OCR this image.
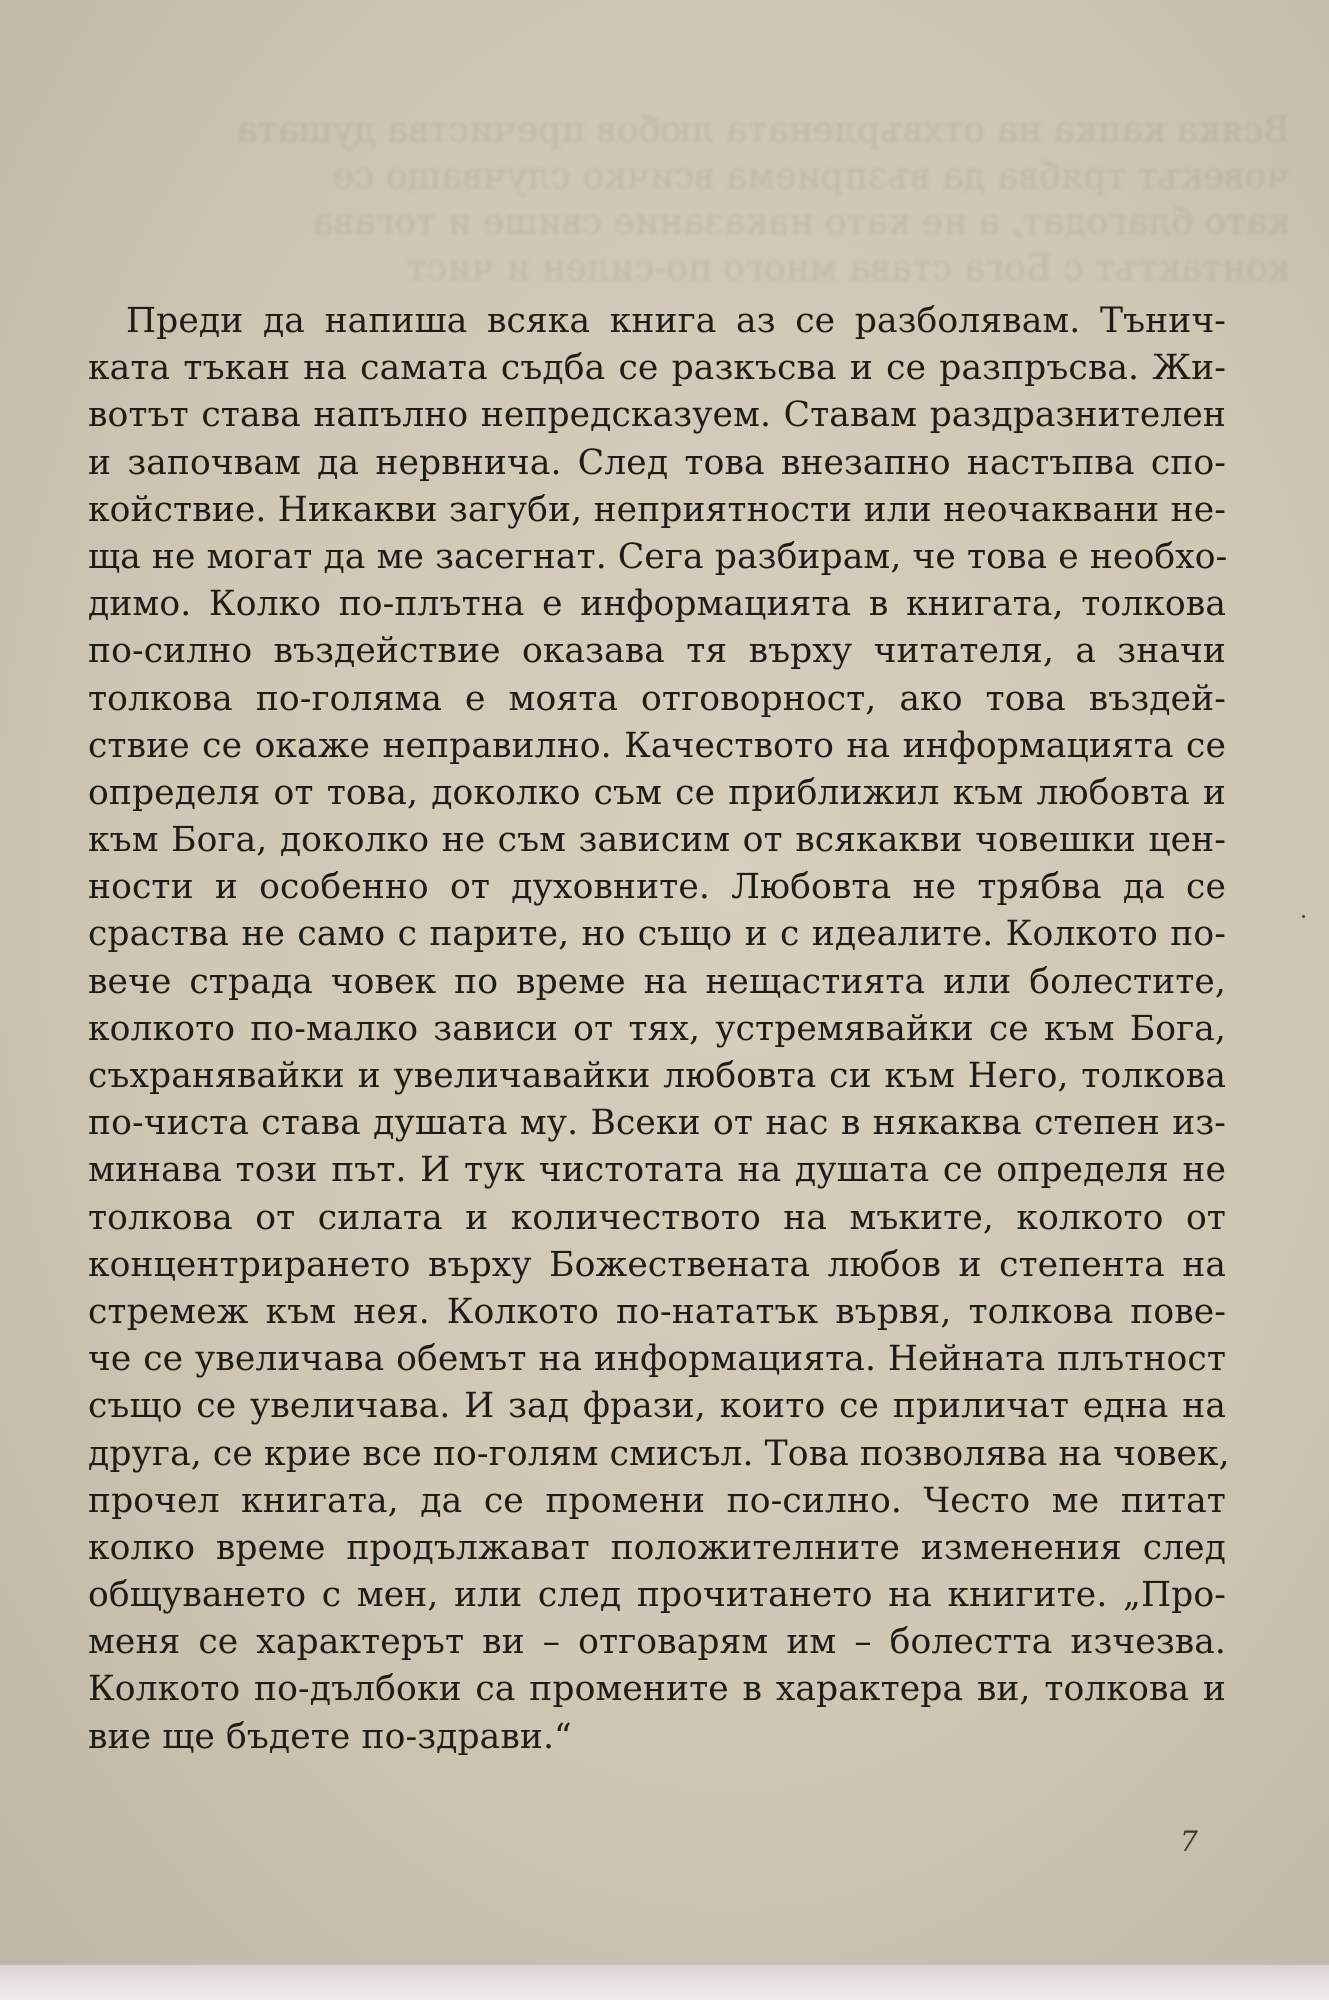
Всяка капка на отхвърлената любов пречиства душата
човекът трябва да възприема всичко случващо се
като благодат, а не като наказание свише и тогава
контактът с Бога става много по-силен и чист
Преди да напиша всяка книга аз се разболявам. Тънич-
ката тъкан на самата съдба се разкъсва и се разпръсва. Жи-
вотът става напълно непредсказуем. Ставам раздразнителен
и започвам да нервнича. След това внезапно настъпва спо-
койствие. Никакви загуби, неприятности или неочаквани не-
ща не могат да ме засегнат. Сега разбирам, че това е необхо-
димо. Колко по-плътна е информацията в книгата, толкова
по-силно въздействие оказава тя върху читателя, а значи
толкова по-голяма е моята отговорност, ако това въздей-
ствие се окаже неправилно. Качеството на информацията се
определя от това, доколко съм се приближил към любовта и
към Бога, доколко не съм зависим от всякакви човешки цен-
ности и особенно от духовните. Любовта не трябва да се
сраства не само с парите, но също и с идеалите. Колкото по-
вече страда човек по време на нещастията или болестите,
колкото по-малко зависи от тях, устремявайки се към Бога,
съхранявайки и увеличавайки любовта си към Него, толкова
по-чиста става душата му. Всеки от нас в някаква степен из-
минава този път. И тук чистотата на душата се определя не
толкова от силата и количеството на мъките, колкото от
концентрирането върху Божествената любов и степента на
стремеж към нея. Колкото по-нататък вървя, толкова пове-
че се увеличава обемът на информацията. Нейната плътност
също се увеличава. И зад фрази, които се приличат една на
друга, се крие все по-голям смисъл. Това позволява на човек,
прочел книгата, да се промени по-силно. Често ме питат
колко време продължават положителните изменения след
общуването с мен, или след прочитането на книгите. „Про-
меня се характерът ви – отговарям им – болестта изчезва.
Колкото по-дълбоки са промените в характера ви, толкова и
вие ще бъдете по-здрави.“
7
